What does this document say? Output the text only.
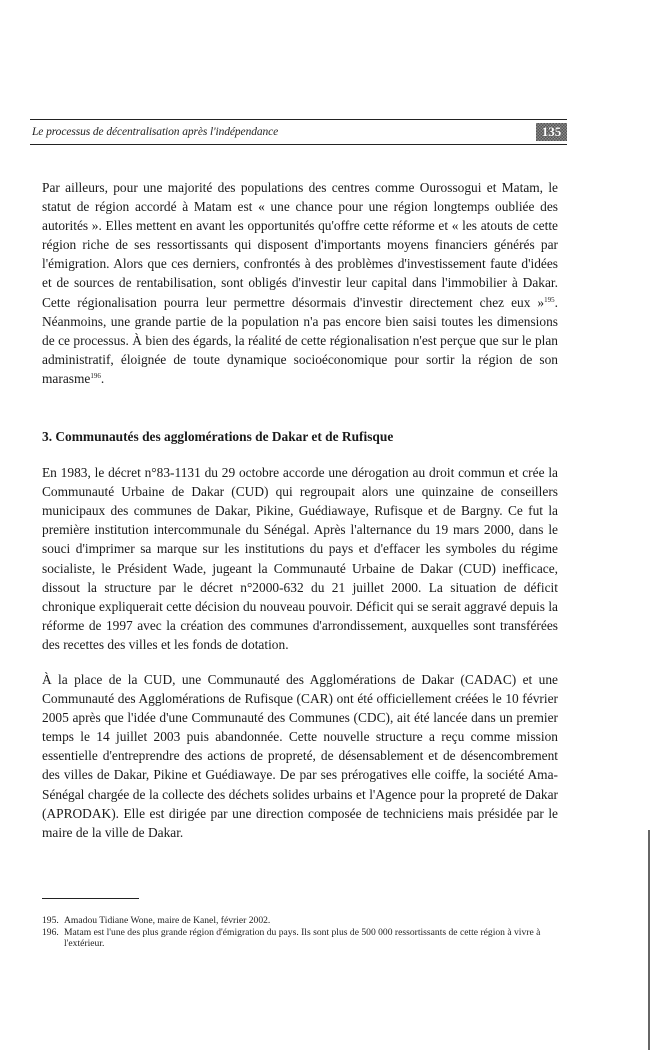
Le processus de décentralisation après l'indépendance	135

Par ailleurs, pour une majorité des populations des centres comme Ourossogui et Matam, le statut de région accordé à Matam est « une chance pour une région longtemps oubliée des autorités ». Elles mettent en avant les opportunités qu'offre cette réforme et « les atouts de cette région riche de ses ressortissants qui disposent d'importants moyens financiers générés par l'émigration. Alors que ces derniers, confrontés à des problèmes d'investissement faute d'idées et de sources de rentabilisation, sont obligés d'investir leur capital dans l'immobilier à Dakar. Cette régionalisation pourra leur permettre désormais d'investir directement chez eux »$^{195}$. Néanmoins, une grande partie de la population n'a pas encore bien saisi toutes les dimensions de ce processus. À bien des égards, la réalité de cette régionalisation n'est perçue que sur le plan administratif, éloignée de toute dynamique socioéconomique pour sortir la région de son marasme$^{196}$.

3. Communautés des agglomérations de Dakar et de Rufisque

En 1983, le décret n°83-1131 du 29 octobre accorde une dérogation au droit commun et crée la Communauté Urbaine de Dakar (CUD) qui regroupait alors une quinzaine de conseillers municipaux des communes de Dakar, Pikine, Guédiawaye, Rufisque et de Bargny. Ce fut la première institution intercommunale du Sénégal. Après l'alternance du 19 mars 2000, dans le souci d'imprimer sa marque sur les institutions du pays et d'effacer les symboles du régime socialiste, le Président Wade, jugeant la Communauté Urbaine de Dakar (CUD) inefficace, dissout la structure par le décret n°2000-632 du 21 juillet 2000. La situation de déficit chronique expliquerait cette décision du nouveau pouvoir. Déficit qui se serait aggravé depuis la réforme de 1997 avec la création des communes d'arrondissement, auxquelles sont transférées des recettes des villes et les fonds de dotation.

À la place de la CUD, une Communauté des Agglomérations de Dakar (CADAC) et une Communauté des Agglomérations de Rufisque (CAR) ont été officiellement créées le 10 février 2005 après que l'idée d'une Communauté des Communes (CDC), ait été lancée dans un premier temps le 14 juillet 2003 puis abandonnée. Cette nouvelle structure a reçu comme mission essentielle d'entreprendre des actions de propreté, de désensablement et de désencombrement des villes de Dakar, Pikine et Guédiawaye. De par ses prérogatives elle coiffe, la société Ama-Sénégal chargée de la collecte des déchets solides urbains et l'Agence pour la propreté de Dakar (APRODAK). Elle est dirigée par une direction composée de techniciens mais présidée par le maire de la ville de Dakar.

195. Amadou Tidiane Wone, maire de Kanel, février 2002.
196. Matam est l'une des plus grande région d'émigration du pays. Ils sont plus de 500 000 ressortissants de cette région à vivre à l'extérieur.
